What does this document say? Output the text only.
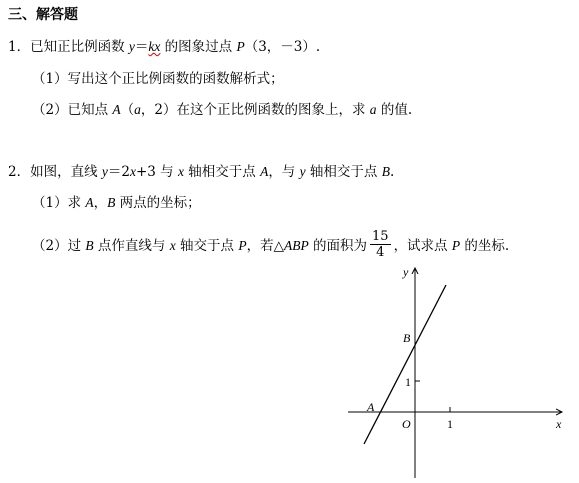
三、解答题
1．已知正比例函数 y＝kx 的图象过点 P（3，－3）.
（1）写出这个正比例函数的函数解析式；
（2）已知点 A（a，2）在这个正比例函数的图象上，求 a 的值.
2．如图，直线 y＝2x+3 与 x 轴相交于点 A，与 y 轴相交于点 B.
（1）求 A，B 两点的坐标；
（2）过 B 点作直线与 x 轴交于点 P，若△ABP 的面积为 $\frac{15}{4}$ ，试求点 P 的坐标.
x
y
O	1
1
A
B
